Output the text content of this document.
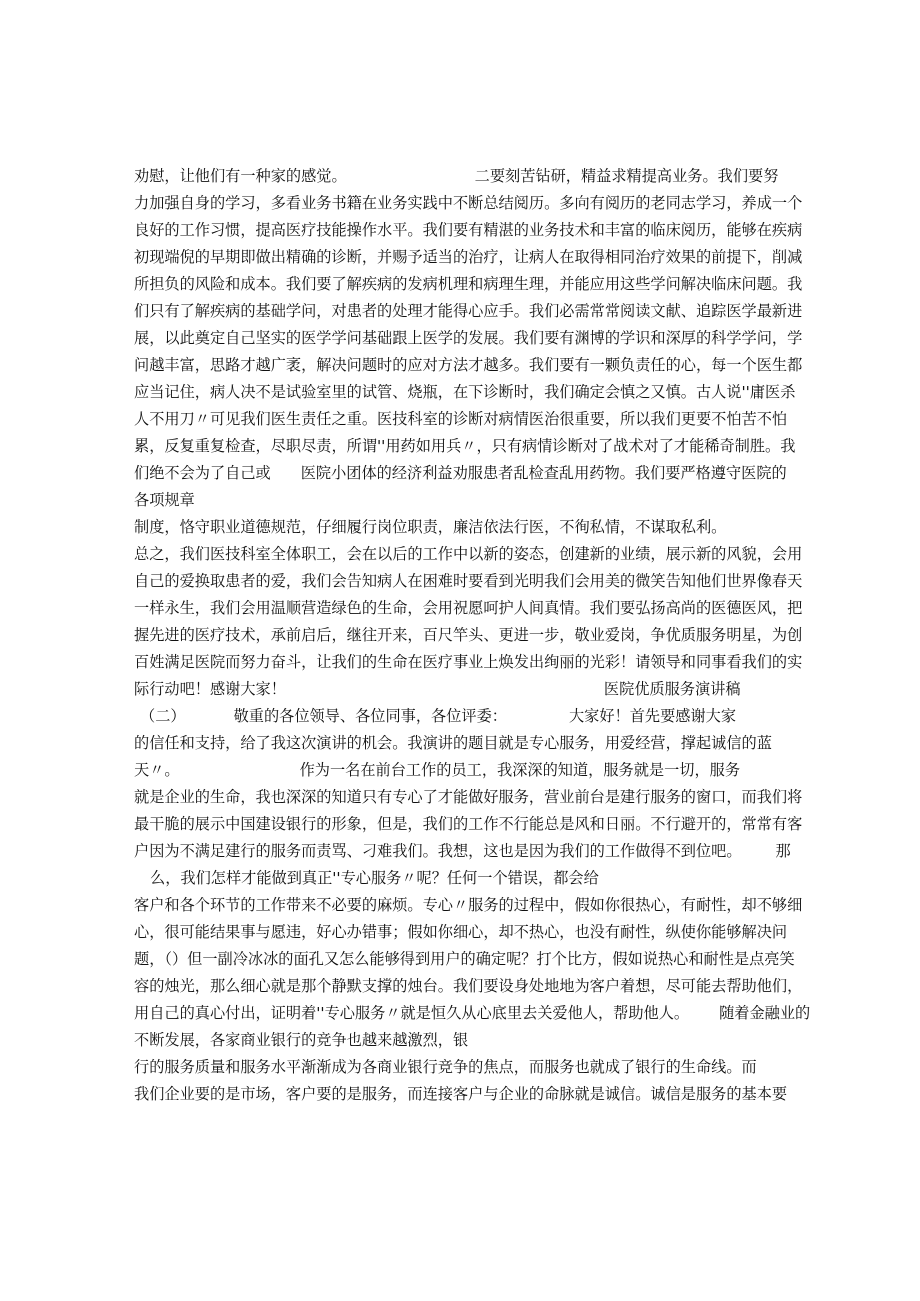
劝慰，让他们有一种家的感觉。	二要刻苦钻研，精益求精提高业务。我们要努
力加强自身的学习，多看业务书籍在业务实践中不断总结阅历。多向有阅历的老同志学习，养成一个
良好的工作习惯，提高医疗技能操作水平。我们要有精湛的业务技术和丰富的临床阅历，能够在疾病
初现端倪的早期即做出精确的诊断，并赐予适当的治疗，让病人在取得相同治疗效果的前提下，削减
所担负的风险和成本。我们要了解疾病的发病机理和病理生理，并能应用这些学问解决临床问题。我
们只有了解疾病的基础学问，对患者的处理才能得心应手。我们必需常常阅读文献、追踪医学最新进
展，以此奠定自己坚实的医学学问基础跟上医学的发展。我们要有渊博的学识和深厚的科学学问，学
问越丰富，思路才越广袤，解决问题时的应对方法才越多。我们要有一颗负责任的心，每一个医生都
应当记住，病人决不是试验室里的试管、烧瓶，在下诊断时，我们确定会慎之又慎。古人说''庸医杀
人不用刀〃可见我们医生责任之重。医技科室的诊断对病情医治很重要，所以我们更要不怕苦不怕
累，反复重复检查，尽职尽责，所谓''用药如用兵〃，只有病情诊断对了战术对了才能稀奇制胜。我
们绝不会为了自己或 医院小团体的经济利益劝服患者乱检查乱用药物。我们要严格遵守医院的
各项规章
制度，恪守职业道德规范，仔细履行岗位职责，廉洁依法行医，不徇私情，不谋取私利。
总之，我们医技科室全体职工，会在以后的工作中以新的姿态，创建新的业绩，展示新的风貌，会用
自己的爱换取患者的爱，我们会告知病人在困难时要看到光明我们会用美的微笑告知他们世界像春天
一样永生，我们会用温顺营造绿色的生命，会用祝愿呵护人间真情。我们要弘扬高尚的医德医风，把
握先进的医疗技术，承前启后，继往开来，百尺竿头、更进一步，敬业爱岗，争优质服务明星，为创
百姓满足医院而努力奋斗，让我们的生命在医疗事业上焕发出绚丽的光彩！请领导和同事看我们的实
际行动吧！感谢大家！	医院优质服务演讲稿
（二）	敬重的各位领导、各位同事，各位评委：	大家好！首先要感谢大家
的信任和支持，给了我这次演讲的机会。我演讲的题目就是专心服务，用爱经营，撑起诚信的蓝
天〃。	作为一名在前台工作的员工，我深深的知道，服务就是一切，服务
就是企业的生命，我也深深的知道只有专心了才能做好服务，营业前台是建行服务的窗口，而我们将
最干脆的展示中国建设银行的形象，但是，我们的工作不行能总是风和日丽。不行避开的，常常有客
户因为不满足建行的服务而责骂、刁难我们。我想，这也是因为我们的工作做得不到位吧。 那
么，我们怎样才能做到真正''专心服务〃呢？任何一个错误，都会给
客户和各个环节的工作带来不必要的麻烦。专心〃服务的过程中，假如你很热心，有耐性，却不够细
心，很可能结果事与愿违，好心办错事；假如你细心，却不热心，也没有耐性，纵使你能够解决问
题，（）但一副冷冰冰的面孔又怎么能够得到用户的确定呢？打个比方，假如说热心和耐性是点亮笑
容的烛光，那么细心就是那个静默支撑的烛台。我们要设身处地地为客户着想，尽可能去帮助他们，
用自己的真心付出，证明着''专心服务〃就是恒久从心底里去关爱他人，帮助他人。 随着金融业的
不断发展，各家商业银行的竞争也越来越激烈，银
行的服务质量和服务水平渐渐成为各商业银行竞争的焦点，而服务也就成了银行的生命线。而
我们企业要的是市场，客户要的是服务，而连接客户与企业的命脉就是诚信。诚信是服务的基本要
